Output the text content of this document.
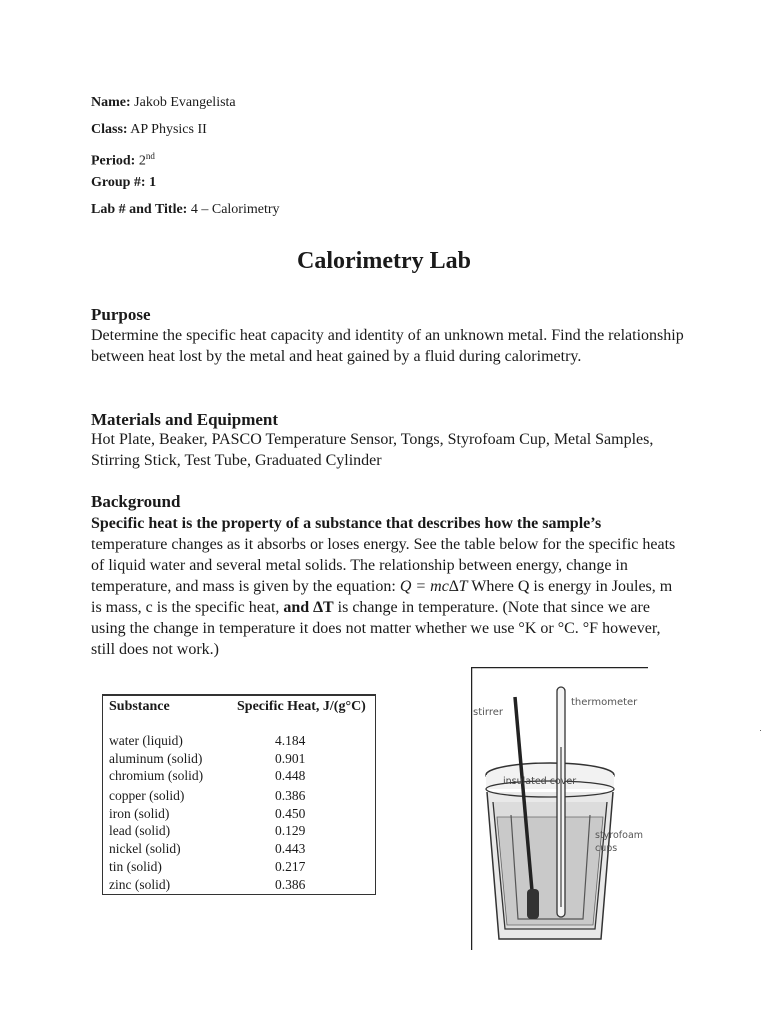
Name: Jakob Evangelista
Class: AP Physics II
Period: 2nd
Group #: 1
Lab # and Title: 4 – Calorimetry
Calorimetry Lab
Purpose
Determine the specific heat capacity and identity of an unknown metal. Find the relationship between heat lost by the metal and heat gained by a fluid during calorimetry.
Materials and Equipment
Hot Plate, Beaker, PASCO Temperature Sensor, Tongs, Styrofoam Cup, Metal Samples, Stirring Stick, Test Tube, Graduated Cylinder
Background
Specific heat is the property of a substance that describes how the sample’s temperature changes as it absorbs or loses energy. See the table below for the specific heats of liquid water and several metal solids. The relationship between energy, change in temperature, and mass is given by the equation: Q = mc∆T Where Q is energy in Joules, m is mass, c is the specific heat, and ∆T is change in temperature. (Note that since we are using the change in temperature it does not matter whether we use °K or °C. °F however, still does not work.)
Substance	Specific Heat, J/(g°C)
water (liquid)	4.184
aluminum (solid)	0.901
chromium (solid)	0.448
copper (solid)	0.386
iron (solid)	0.450
lead (solid)	0.129
nickel (solid)	0.443
tin (solid)	0.217
zinc (solid)	0.386
stirrer
thermometer
insulated cover
styrofoam
cups
